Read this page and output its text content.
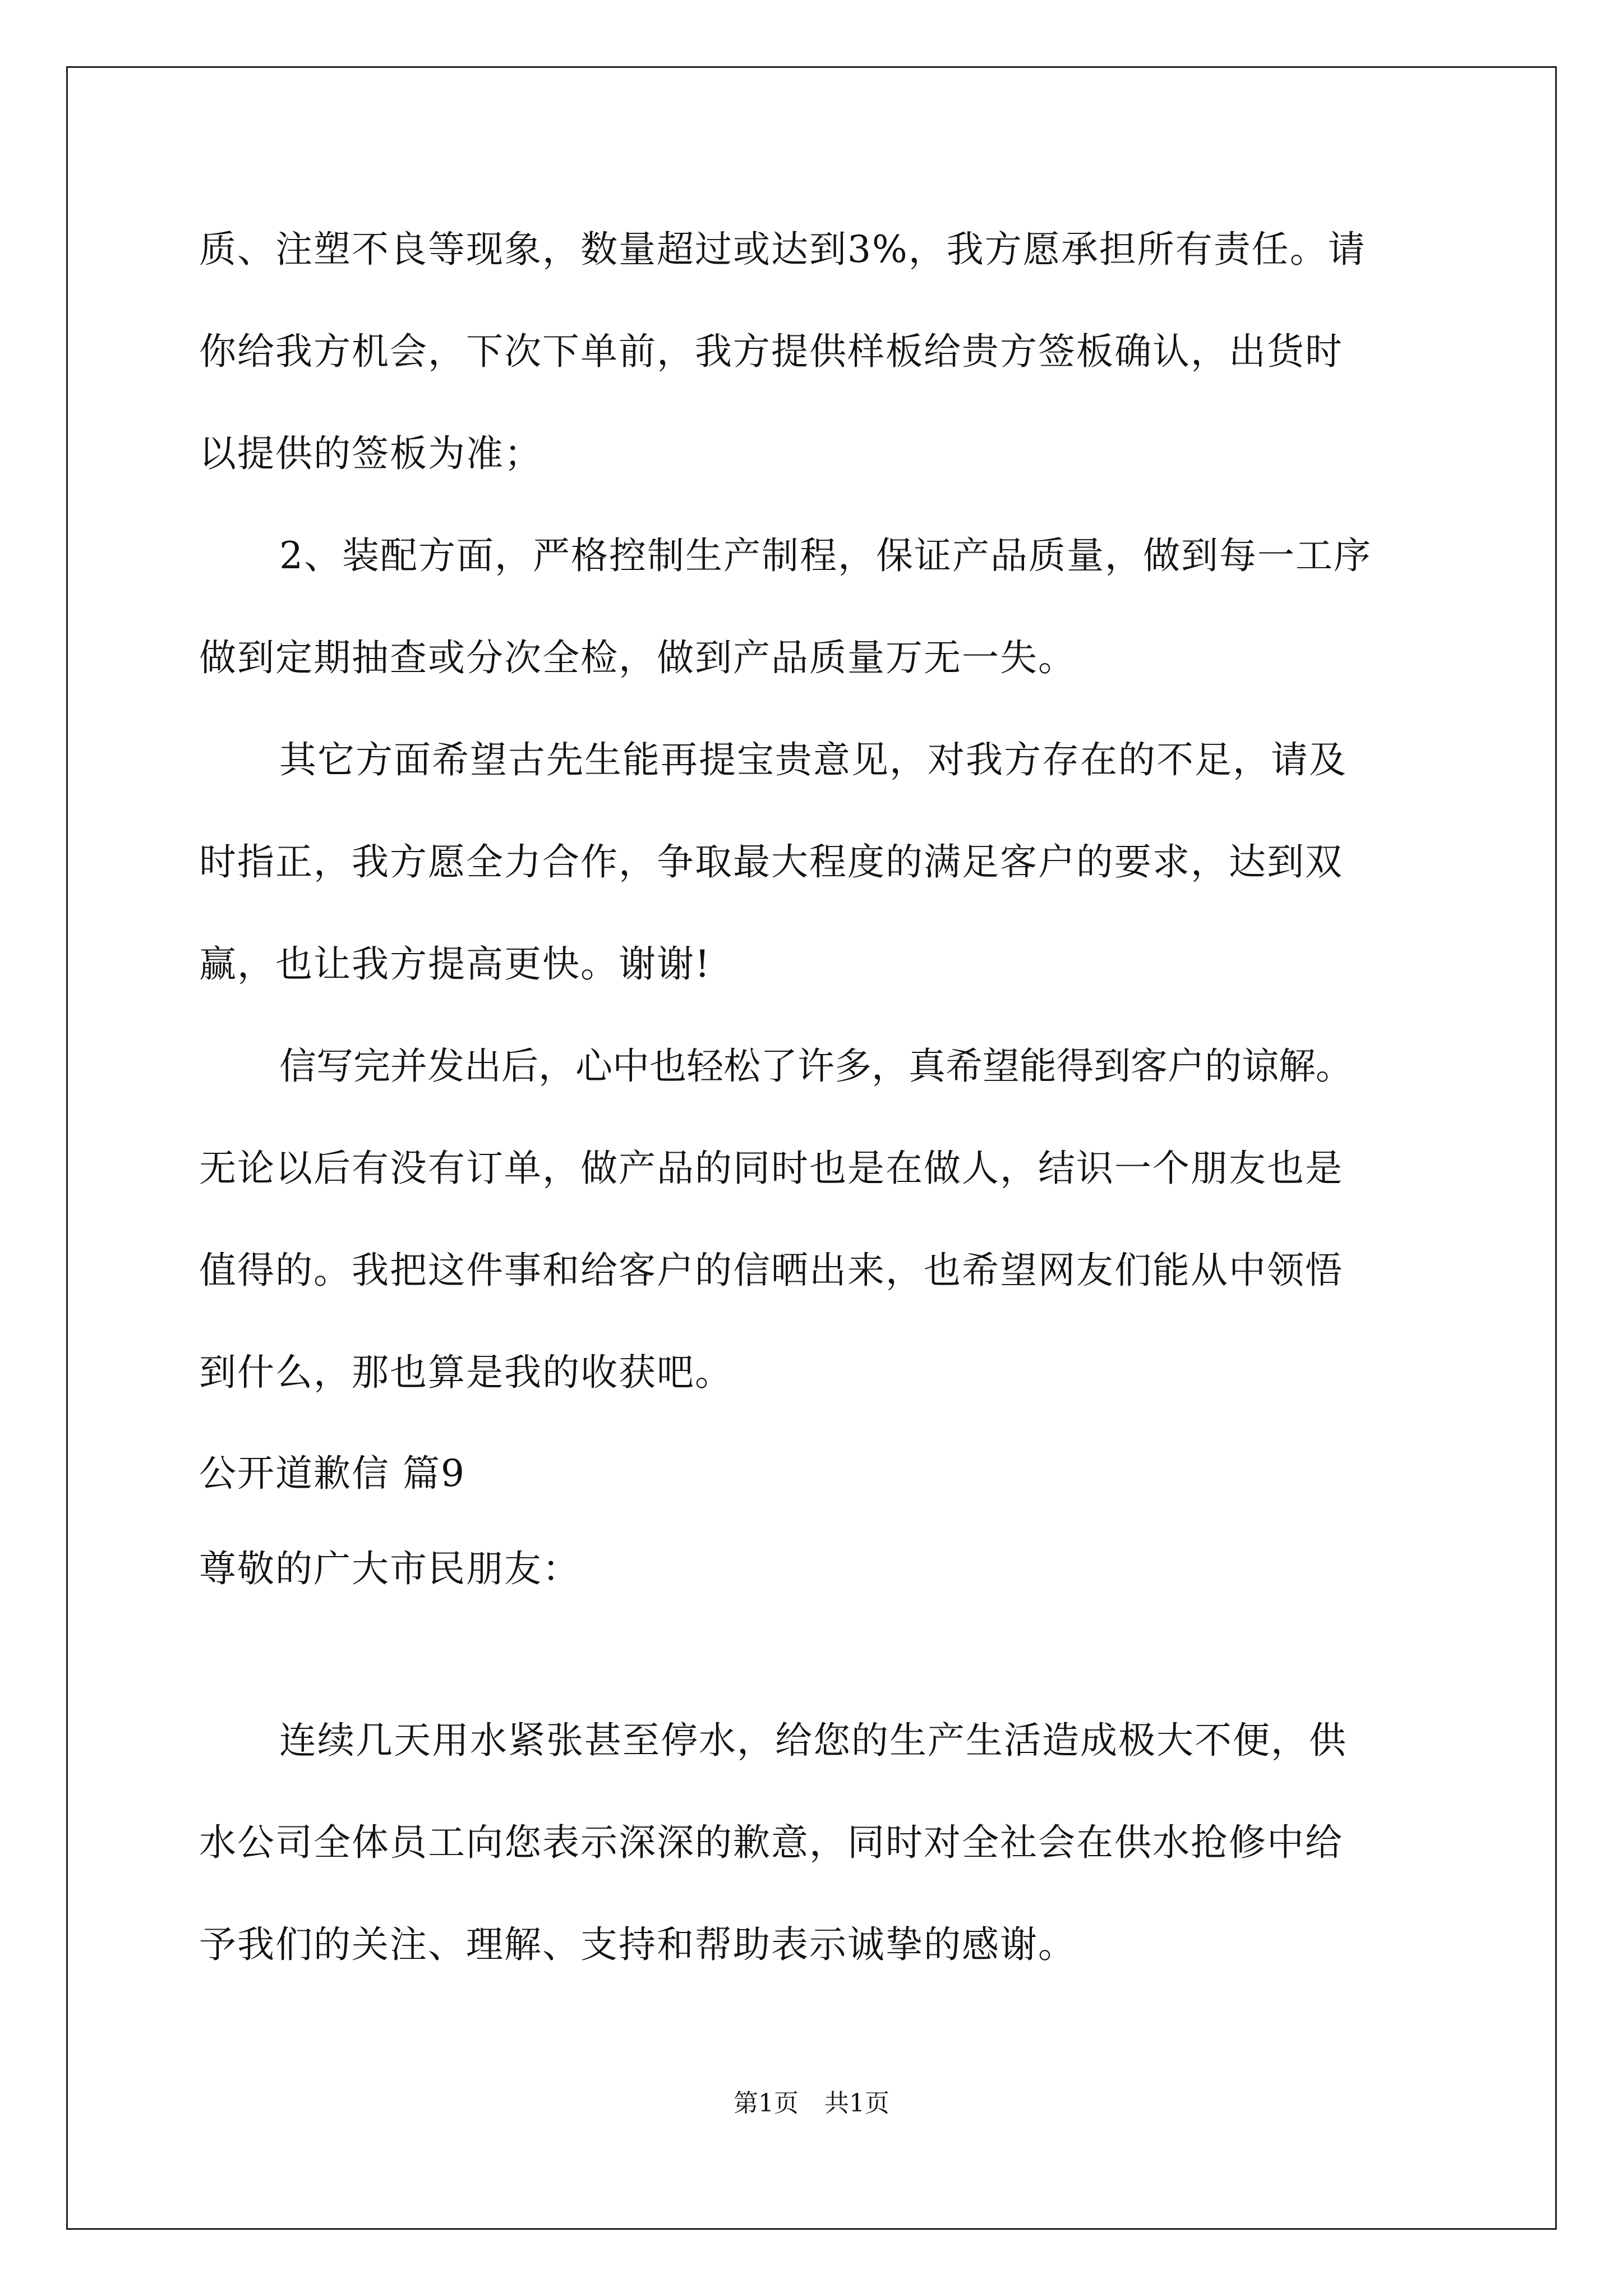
质、注塑不良等现象，数量超过或达到3%，我方愿承担所有责任。请
你给我方机会，下次下单前，我方提供样板给贵方签板确认，出货时
以提供的签板为准；
2、装配方面，严格控制生产制程，保证产品质量，做到每一工序
做到定期抽查或分次全检，做到产品质量万无一失。
其它方面希望古先生能再提宝贵意见，对我方存在的不足，请及
时指正，我方愿全力合作，争取最大程度的满足客户的要求，达到双
赢，也让我方提高更快。谢谢!
信写完并发出后，心中也轻松了许多，真希望能得到客户的谅解。
无论以后有没有订单，做产品的同时也是在做人，结识一个朋友也是
值得的。我把这件事和给客户的信晒出来，也希望网友们能从中领悟
到什么，那也算是我的收获吧。
公开道歉信 篇9
尊敬的广大市民朋友：
连续几天用水紧张甚至停水，给您的生产生活造成极大不便，供
水公司全体员工向您表示深深的歉意，同时对全社会在供水抢修中给
予我们的关注、理解、支持和帮助表示诚挚的感谢。
第1页 共1页
